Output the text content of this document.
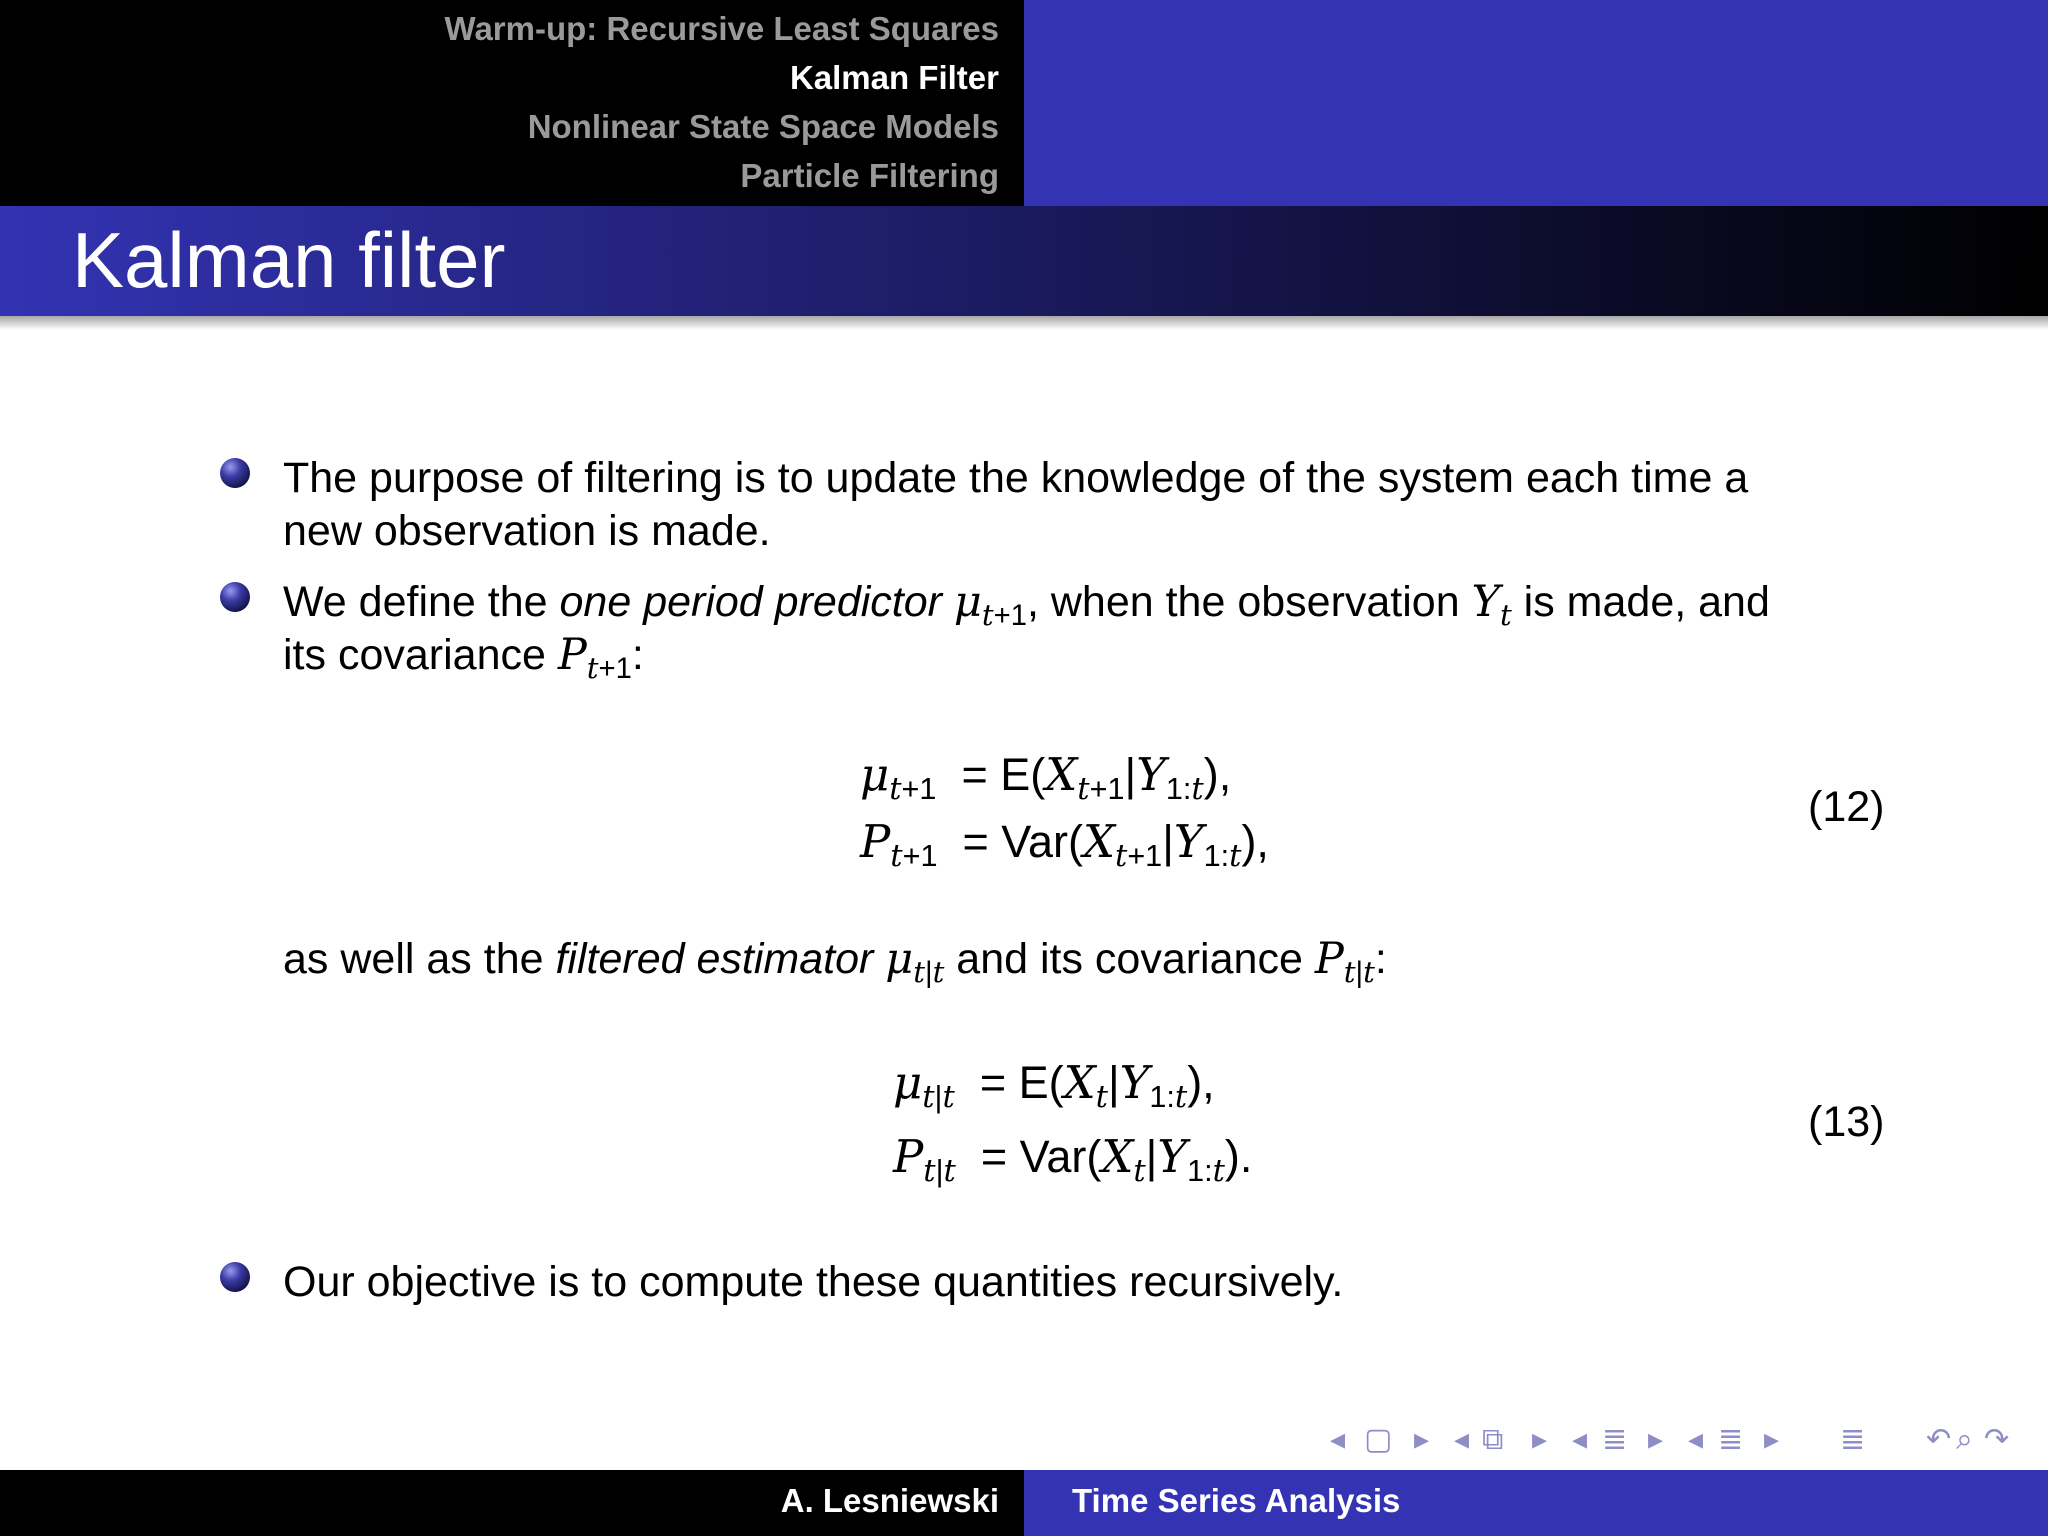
Warm-up: Recursive Least Squares
Kalman Filter
Nonlinear State Space Models
Particle Filtering
Kalman filter
The purpose of filtering is to update the knowledge of the system each time a
new observation is made.
We define the one period predictor $\mu_{t+1}$, when the observation $Y_t$ is made, and
its covariance $P_{t+1}$:
$\mu_{t+1} = E(X_{t+1}|Y_{1:t})$,
$P_{t+1} = Var(X_{t+1}|Y_{1:t})$,
(12)
as well as the filtered estimator $\mu_{t|t}$ and its covariance $P_{t|t}$:
$\mu_{t|t} = E(X_t|Y_{1:t})$,
$P_{t|t} = Var(X_t|Y_{1:t})$.
(13)
Our objective is to compute these quantities recursively.
◂ ▢ ▸ ◂ ⧉ ▸ ◂ ≣ ▸ ◂ ≣ ▸ ≣ ↶ ⌕ ↷
A. Lesniewski Time Series Analysis
